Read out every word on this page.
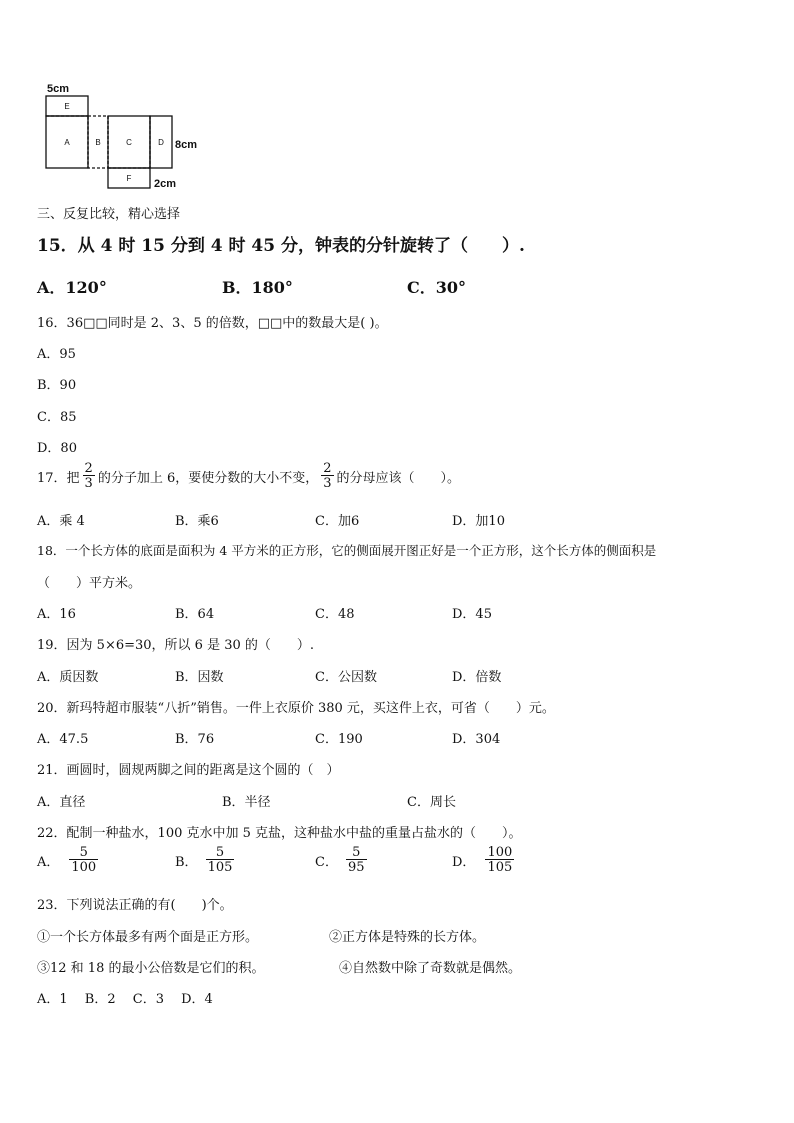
E
A	B	C	D
F
5cm
8cm
2cm
三、反复比较，精心选择
15．从 4 时 15 分到 4 时 45 分，钟表的分针旋转了（　　）.
A．120°	B．180°	C．30°
16．36□□同时是 2、3、5 的倍数，□□中的数最大是( )。
A．95
B．90
C．85
D．80
17．把 $\frac{2}{3}$ 的分子加上 6，要使分数的大小不变， $\frac{2}{3}$ 的分母应该（　　）。
A．乘 4	B．乘6	C．加6	D．加10
18．一个长方体的底面是面积为 4 平方米的正方形，它的侧面展开图正好是一个正方形，这个长方体的侧面积是
（　　）平方米。
A．16	B．64	C．48	D．45
19．因为 5×6=30，所以 6 是 30 的（　　）.
A．质因数	B．因数	C．公因数	D．倍数
20．新玛特超市服装“八折”销售。一件上衣原价 380 元，买这件上衣，可省（　　）元。
A．47.5	B．76	C．190	D．304
21．画圆时，圆规两脚之间的距离是这个圆的（　）
A．直径	B．半径	C．周长
22．配制一种盐水，100 克水中加 5 克盐，这种盐水中盐的重量占盐水的（　　）。
A． $\frac{5}{100}$	B． $\frac{5}{105}$	C． $\frac{5}{95}$	D． $\frac{100}{105}$
23．下列说法正确的有(　　)个。
①一个长方体最多有两个面是正方形。	②正方体是特殊的长方体。
③12 和 18 的最小公倍数是它们的积。	④自然数中除了奇数就是偶然。
A．1　 B．2　 C．3　 D．4
